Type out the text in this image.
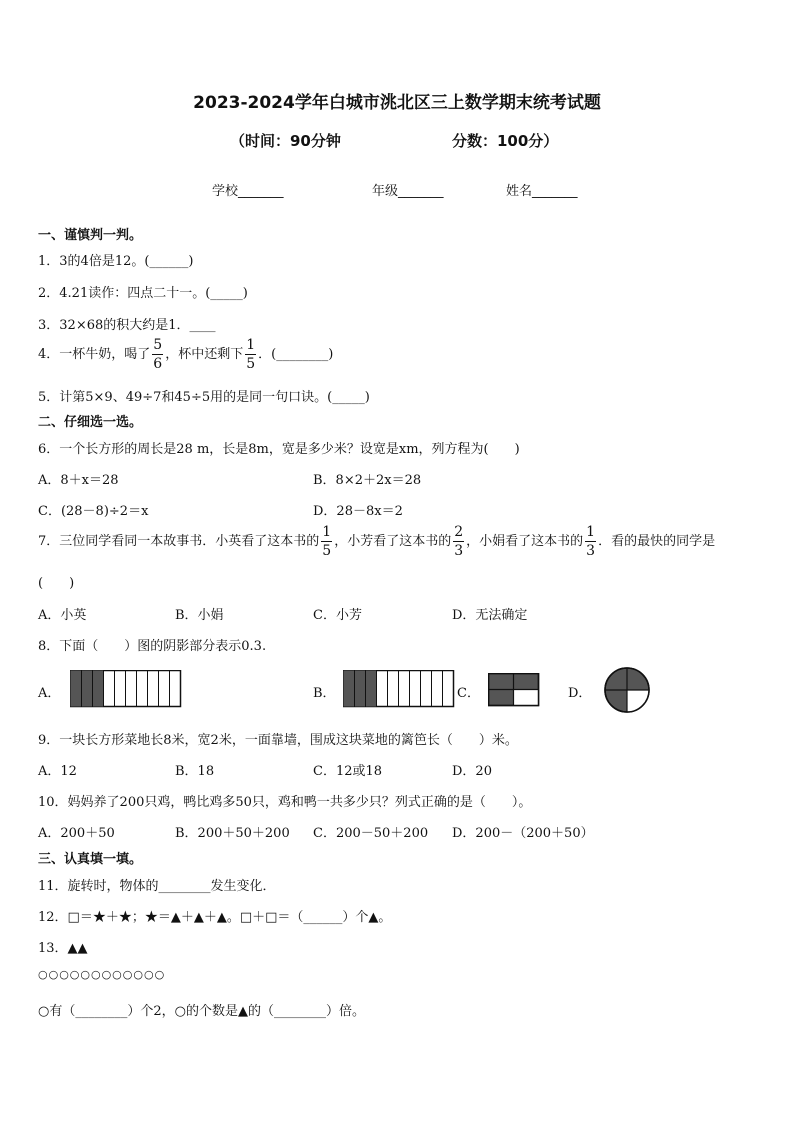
2023-2024学年白城市洮北区三上数学期末统考试题
（时间：90分钟	分数：100分）
学校_______	年级_______	姓名_______
一、谨慎判一判。
1．3的4倍是12。(______)
2．4.21读作：四点二十一。(_____)
3．32×68的积大约是1．____
4．一杯牛奶，喝了 $\frac{5}{6}$ ，杯中还剩下 $\frac{1}{5}$ ．(________)
5．计第5×9、49÷7和45÷5用的是同一句口诀。(_____)
二、仔细选一选。
6．一个长方形的周长是28 m，长是8m，宽是多少米？设宽是xm，列方程为(　　)
A．8＋x＝28	B．8×2＋2x＝28
C．(28－8)÷2＝x	D．28－8x＝2
7．三位同学看同一本故事书．小英看了这本书的 $\frac{1}{5}$ ，小芳看了这本书的 $\frac{2}{3}$ ，小娟看了这本书的 $\frac{1}{3}$ ．看的最快的同学是
(　　)
A．小英	B．小娟	C．小芳	D．无法确定
8．下面（　　）图的阴影部分表示0.3.
A．	B．	C．	D．
9．一块长方形菜地长8米，宽2米，一面靠墙，围成这块菜地的篱笆长（　　）米。
A．12	B．18	C．12或18	D．20
10．妈妈养了200只鸡，鸭比鸡多50只，鸡和鸭一共多少只？列式正确的是（　　）。
A．200＋50	B．200＋50＋200 C．200－50＋200 D．200－（200＋50）
三、认真填一填。
11．旋转时，物体的________发生变化．
12．□＝★＋★；★＝▲＋▲＋▲。□＋□＝（______）个▲。
13．▲▲
○○○○○○○○○○○○
○有（________）个2，○的个数是▲的（________）倍。
